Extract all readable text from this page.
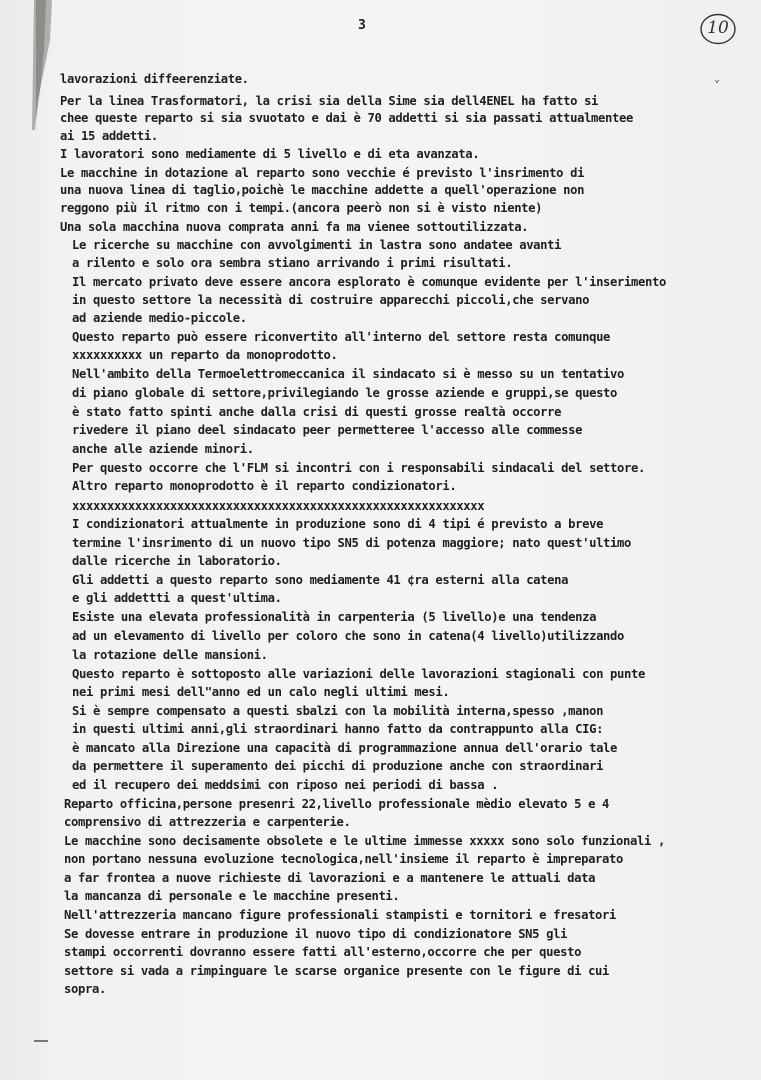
3	10
⌄
lavorazioni diffeerenziate.
Per la linea Trasformatori, la crisi sia della Sime sia dell4ENEL ha fatto si
chee queste reparto si sia svuotato e dai è 70 addetti si sia passati attualmentee
ai 15 addetti.
I lavoratori sono mediamente di 5 livello e di eta avanzata.
Le macchine in dotazione al reparto sono vecchie é previsto l'insrimento di
una nuova linea di taglio,poichè le macchine addette a quell'operazione non
reggono più il ritmo con i tempi.(ancora peerò non si è visto niente)
Una sola macchina nuova comprata anni fa ma vienee sottoutilizzata.
Le ricerche su macchine con avvolgimenti in lastra sono andatee avanti
a rilento e solo ora sembra stiano arrivando i primi risultati.
Il mercato privato deve essere ancora esplorato è comunque evidente per l'inserimento
in questo settore la necessità di costruire apparecchi piccoli,che servano
ad aziende medio-piccole.
Questo reparto può essere riconvertito all'interno del settore resta comunque
xxxxxxxxxx un reparto da monoprodotto.
Nell'ambito della Termoelettromeccanica il sindacato si è messo su un tentativo
di piano globale di settore,privilegiando le grosse aziende e gruppi,se questo
è stato fatto spinti anche dalla crisi di questi grosse realtà occorre
rivedere il piano deel sindacato peer permetteree l'accesso alle commesse
anche alle aziende minori.
Per questo occorre che l'FLM si incontri con i responsabili sindacali del settore.
Altro reparto monoprodotto è il reparto condizionatori.
xxxxxxxxxxxxxxxxxxxxxxxxxxxxxxxxxxxxxxxxxxxxxxxxxxxxxxxxxxx
I condizionatori attualmente in produzione sono di 4 tipi é previsto a breve
termine l'insrimento di un nuovo tipo SN5 di potenza maggiore; nato quest'ultimo
dalle ricerche in laboratorio.
Gli addetti a questo reparto sono mediamente 41 ¢ra esterni alla catena
e gli addettti a quest'ultima.
Esiste una elevata professionalità in carpenteria (5 livello)e una tendenza
ad un elevamento di livello per coloro che sono in catena(4 livello)utilizzando
la rotazione delle mansioni.
Questo reparto è sottoposto alle variazioni delle lavorazioni stagionali con punte
nei primi mesi dell"anno ed un calo negli ultimi mesi.
Si è sempre compensato a questi sbalzi con la mobilità interna,spesso ,manon
in questi ultimi anni,gli straordinari hanno fatto da contrappunto alla CIG:
è mancato alla Direzione una capacità di programmazione annua dell'orario tale
da permettere il superamento dei picchi di produzione anche con straordinari
ed il recupero dei meddsimi con riposo nei periodi di bassa .
Reparto officina,persone presenri 22,livello professionale mèdio elevato 5 e 4
comprensivo di attrezzeria e carpenterie.
Le macchine sono decisamente obsolete e le ultime immesse xxxxx sono solo funzionali ,
non portano nessuna evoluzione tecnologica,nell'insieme il reparto è impreparato
a far frontea a nuove richieste di lavorazioni e a mantenere le attuali data
la mancanza di personale e le macchine presenti.
Nell'attrezzeria mancano figure professionali stampisti e tornitori e fresatori
Se dovesse entrare in produzione il nuovo tipo di condizionatore SN5 gli
stampi occorrenti dovranno essere fatti all'esterno,occorre che per questo
settore si vada a rimpinguare le scarse organice presente con le figure di cui
sopra.
